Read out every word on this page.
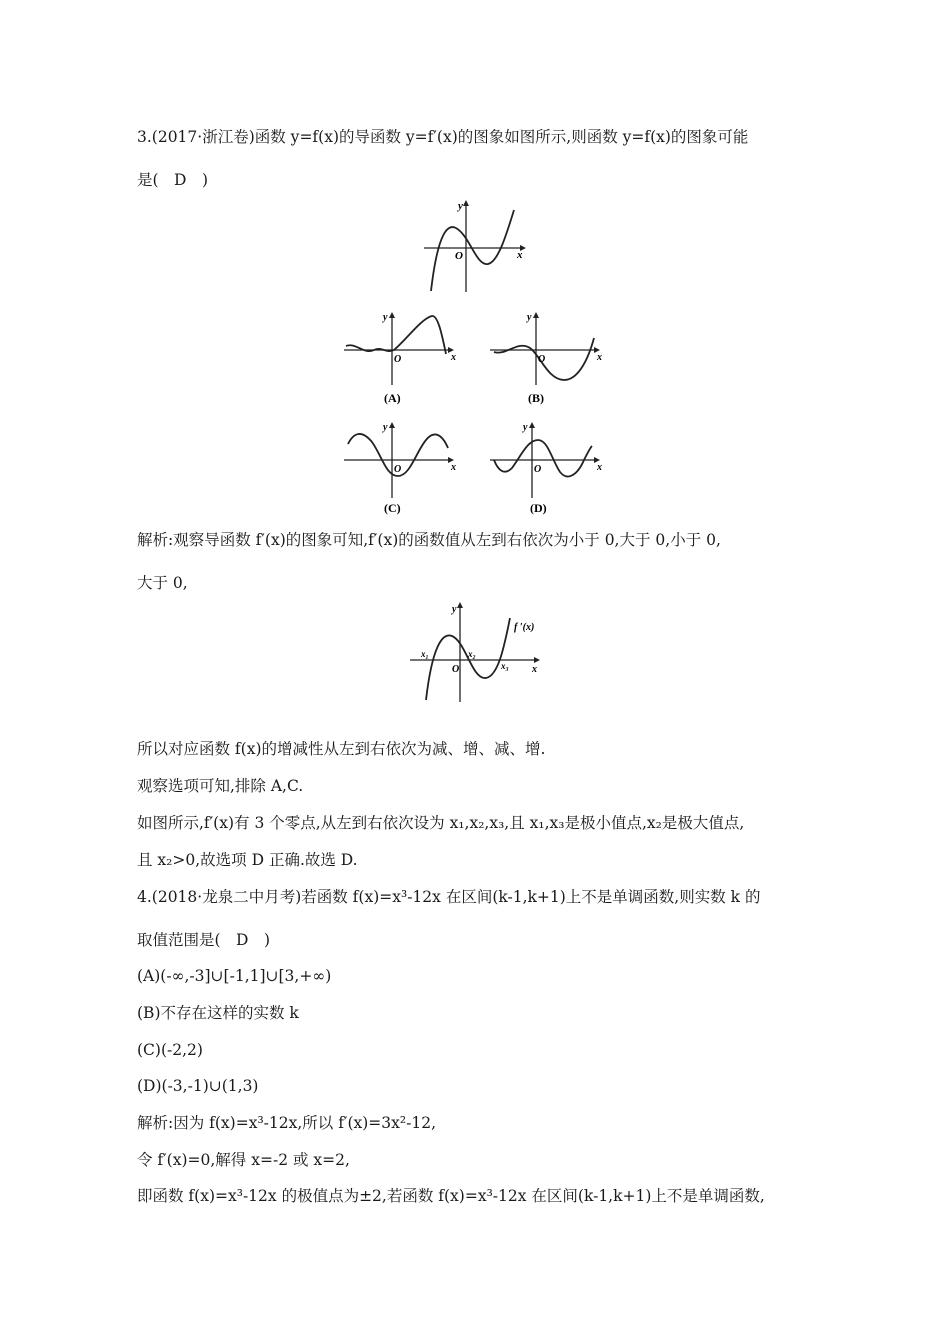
3.(2017·浙江卷)函数 y=f(x)的导函数 y=f′(x)的图象如图所示,则函数 y=f(x)的图象可能
是(　D　)
y
x
O
y
x
O
(A)
y
x
O
(B)
y
x
O
(C)
y
x
O
(D)
解析:观察导函数 f′(x)的图象可知,f′(x)的函数值从左到右依次为小于 0,大于 0,小于 0,
大于 0,
y
x
O
x₁	x₂
x₃
f ′(x)
所以对应函数 f(x)的增减性从左到右依次为减、增、减、增.
观察选项可知,排除 A,C.
如图所示,f′(x)有 3 个零点,从左到右依次设为 x₁,x₂,x₃,且 x₁,x₃是极小值点,x₂是极大值点,
且 x₂>0,故选项 D 正确.故选 D.
4.(2018·龙泉二中月考)若函数 f(x)=x³-12x 在区间(k-1,k+1)上不是单调函数,则实数 k 的
取值范围是(　D　)
(A)(-∞,-3]∪[-1,1]∪[3,+∞)
(B)不存在这样的实数 k
(C)(-2,2)
(D)(-3,-1)∪(1,3)
解析:因为 f(x)=x³-12x,所以 f′(x)=3x²-12,
令 f′(x)=0,解得 x=-2 或 x=2,
即函数 f(x)=x³-12x 的极值点为±2,若函数 f(x)=x³-12x 在区间(k-1,k+1)上不是单调函数,
